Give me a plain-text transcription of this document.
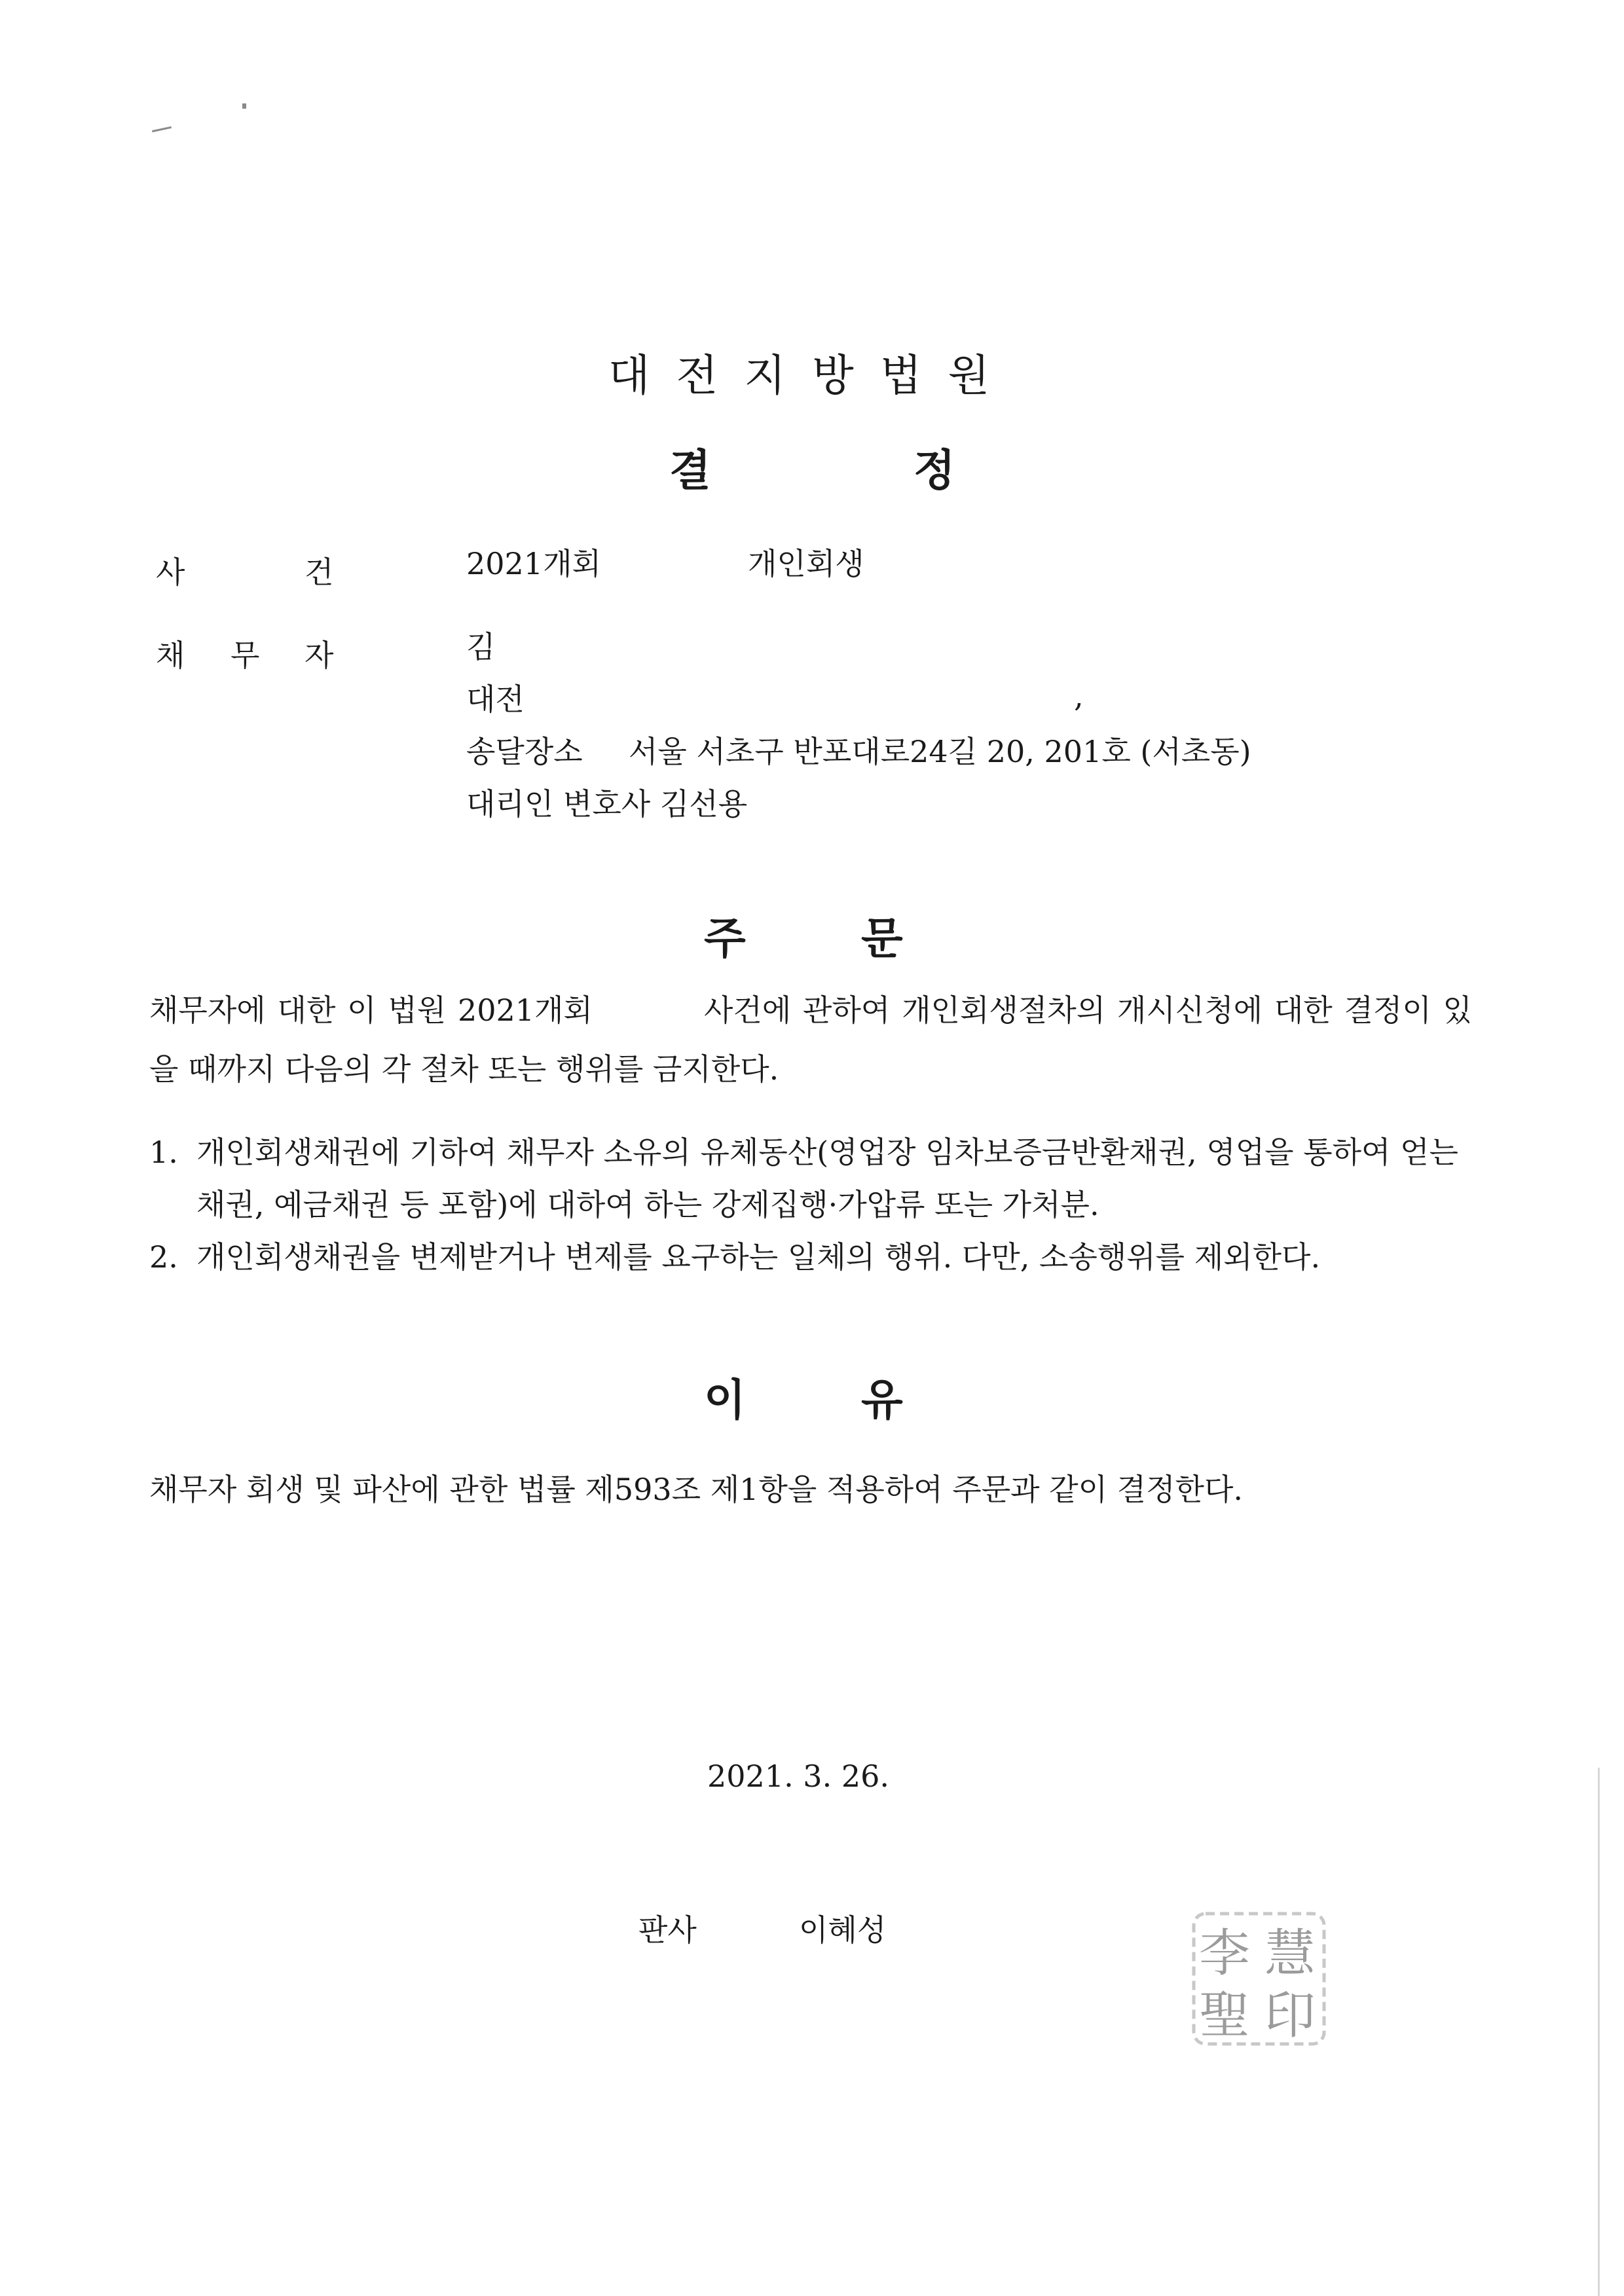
대전지방법원
결	정
사	건	2021개회	개인회생
채 무 자	김
대전	,
송달장소 서울 서초구 반포대로24길 20, 201호 (서초동)
대리인 변호사 김선용
주	문
채무자에 대한 이 법원 2021개회	사건에 관하여 개인회생절차의 개시신청에 대한 결정이 있을 때까지 다음의 각 절차 또는 행위를 금지한다.
1. 개인회생채권에 기하여 채무자 소유의 유체동산(영업장 임차보증금반환채권, 영업을 통하여 얻는 채권, 예금채권 등 포함)에 대하여 하는 강제집행·가압류 또는 가처분.
2. 개인회생채권을 변제받거나 변제를 요구하는 일체의 행위. 다만, 소송행위를 제외한다.
이	유
채무자 회생 및 파산에 관한 법률 제593조 제1항을 적용하여 주문과 같이 결정한다.
2021. 3. 26.
판사	이혜성	李 慧
聖 印
